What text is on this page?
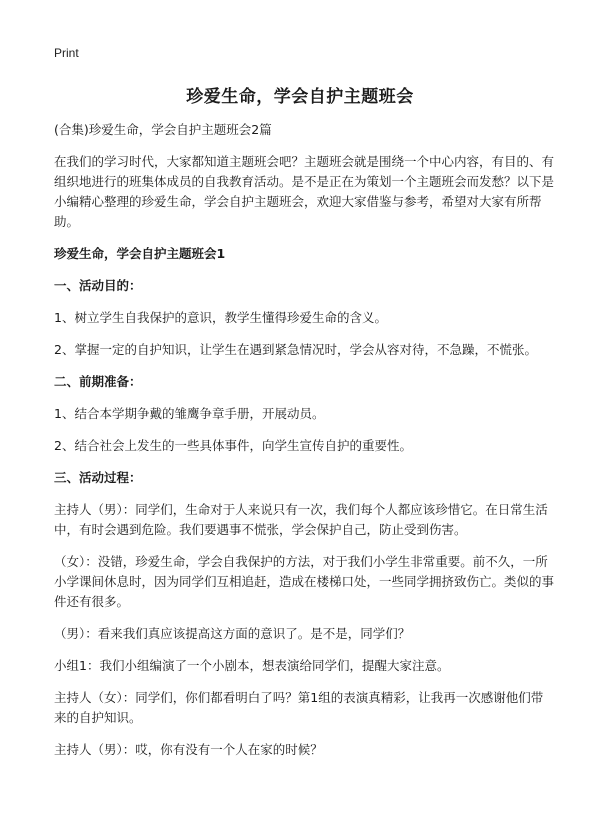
Print
珍爱生命，学会自护主题班会
(合集)珍爱生命，学会自护主题班会2篇
在我们的学习时代，大家都知道主题班会吧？主题班会就是围绕一个中心内容，有目的、有组织地进行的班集体成员的自我教育活动。是不是正在为策划一个主题班会而发愁？以下是小编精心整理的珍爱生命，学会自护主题班会，欢迎大家借鉴与参考，希望对大家有所帮助。
珍爱生命，学会自护主题班会1
一、活动目的：
1、树立学生自我保护的意识，教学生懂得珍爱生命的含义。
2、掌握一定的自护知识，让学生在遇到紧急情况时，学会从容对待，不急躁，不慌张。
二、前期准备：
1、结合本学期争戴的雏鹰争章手册，开展动员。
2、结合社会上发生的一些具体事件，向学生宣传自护的重要性。
三、活动过程：
主持人（男）：同学们，生命对于人来说只有一次，我们每个人都应该珍惜它。在日常生活中，有时会遇到危险。我们要遇事不慌张，学会保护自己，防止受到伤害。
（女）：没错，珍爱生命，学会自我保护的方法，对于我们小学生非常重要。前不久，一所小学课间休息时，因为同学们互相追赶，造成在楼梯口处，一些同学拥挤致伤亡。类似的事件还有很多。
（男）：看来我们真应该提高这方面的意识了。是不是，同学们？
小组1：我们小组编演了一个小剧本，想表演给同学们，提醒大家注意。
主持人（女）：同学们，你们都看明白了吗？第1组的表演真精彩，让我再一次感谢他们带来的自护知识。
主持人（男）：哎，你有没有一个人在家的时候？
